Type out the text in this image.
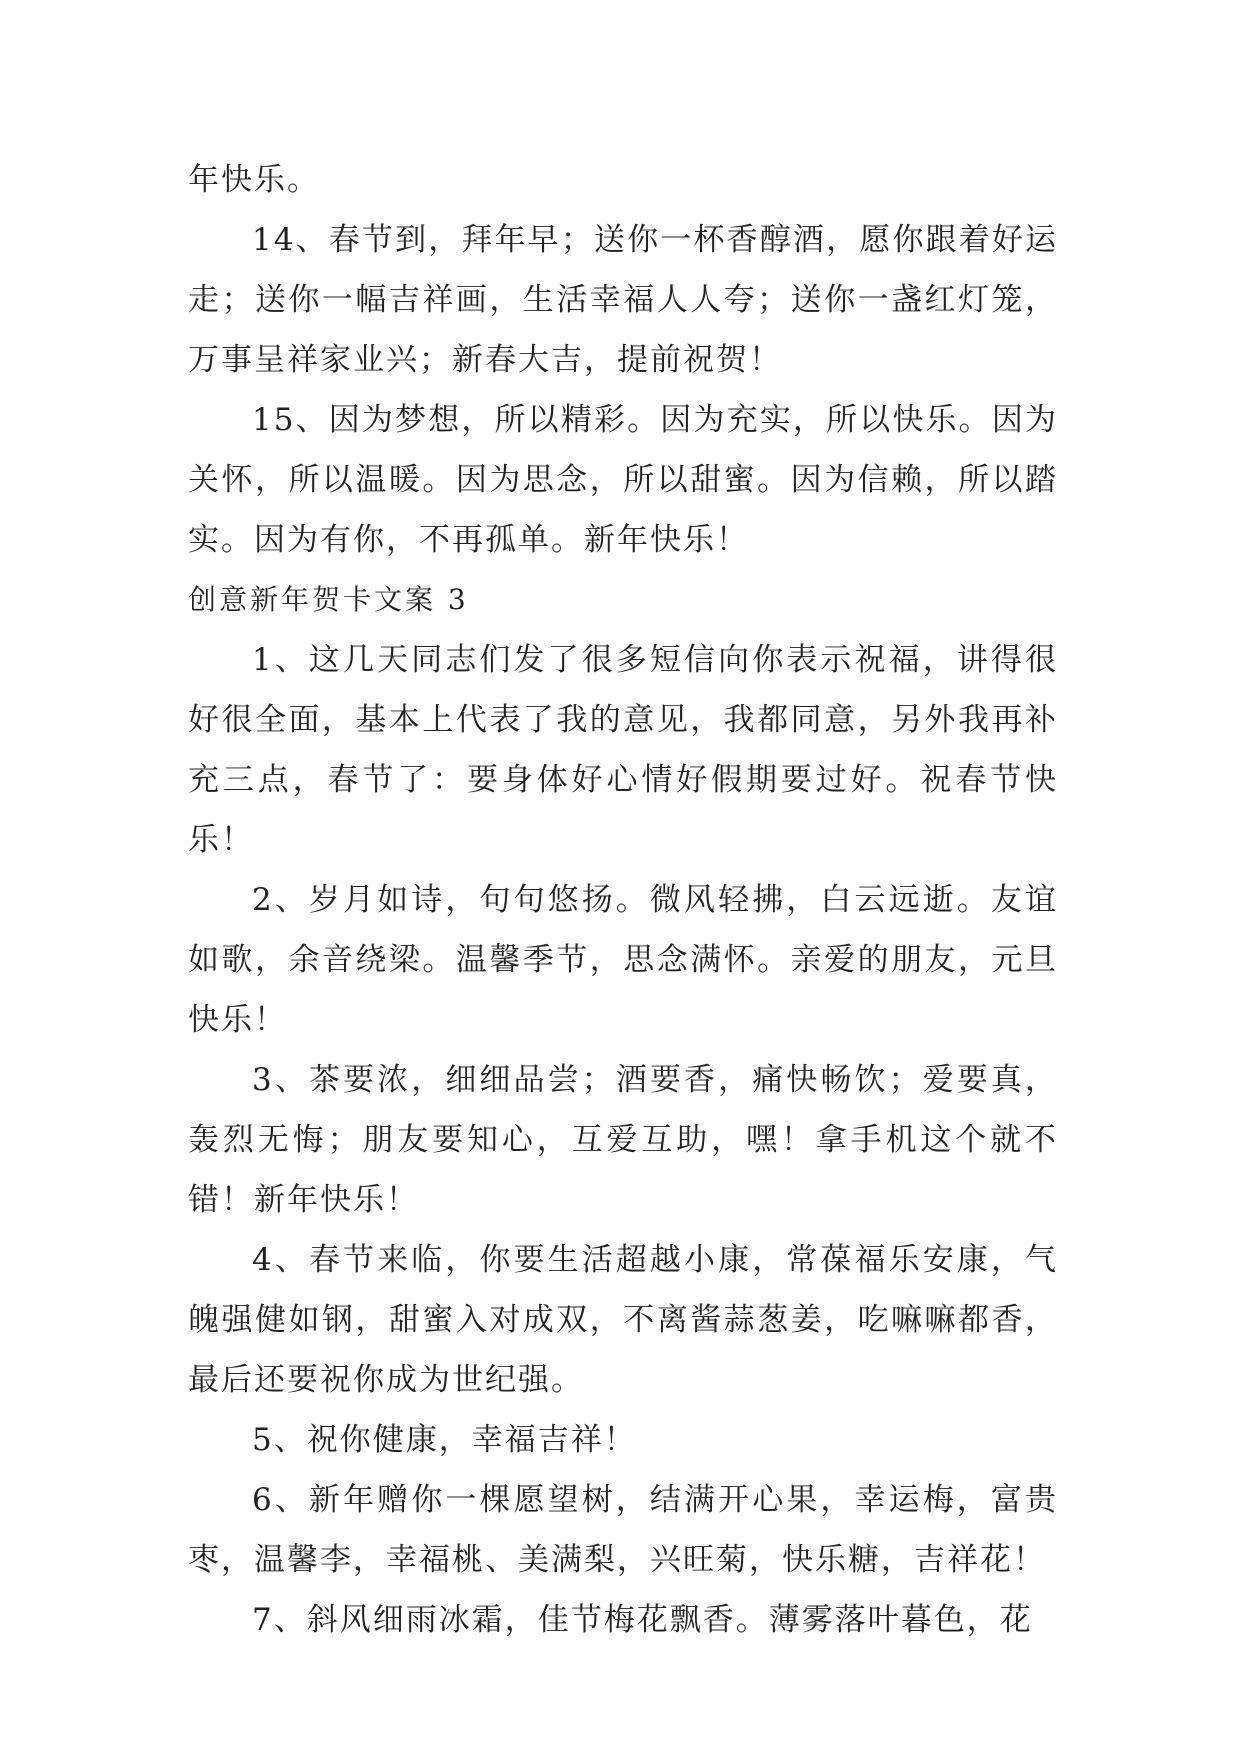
年快乐。

14、春节到，拜年早；送你一杯香醇酒，愿你跟着好运走；送你一幅吉祥画，生活幸福人人夸；送你一盏红灯笼，万事呈祥家业兴；新春大吉，提前祝贺！

15、因为梦想，所以精彩。因为充实，所以快乐。因为关怀，所以温暖。因为思念，所以甜蜜。因为信赖，所以踏实。因为有你，不再孤单。新年快乐！

创意新年贺卡文案 3

1、这几天同志们发了很多短信向你表示祝福，讲得很好很全面，基本上代表了我的意见，我都同意，另外我再补充三点，春节了：要身体好心情好假期要过好。祝春节快乐！

2、岁月如诗，句句悠扬。微风轻拂，白云远逝。友谊如歌，余音绕梁。温馨季节，思念满怀。亲爱的朋友，元旦快乐！

3、茶要浓，细细品尝；酒要香，痛快畅饮；爱要真，轰烈无悔；朋友要知心，互爱互助，嘿！拿手机这个就不错！新年快乐！

4、春节来临，你要生活超越小康，常葆福乐安康，气魄强健如钢，甜蜜入对成双，不离酱蒜葱姜，吃嘛嘛都香，最后还要祝你成为世纪强。

5、祝你健康，幸福吉祥！

6、新年赠你一棵愿望树，结满开心果，幸运梅，富贵枣，温馨李，幸福桃、美满梨，兴旺菊，快乐糖，吉祥花！

7、斜风细雨冰霜，佳节梅花飘香。薄雾落叶暮色，花
